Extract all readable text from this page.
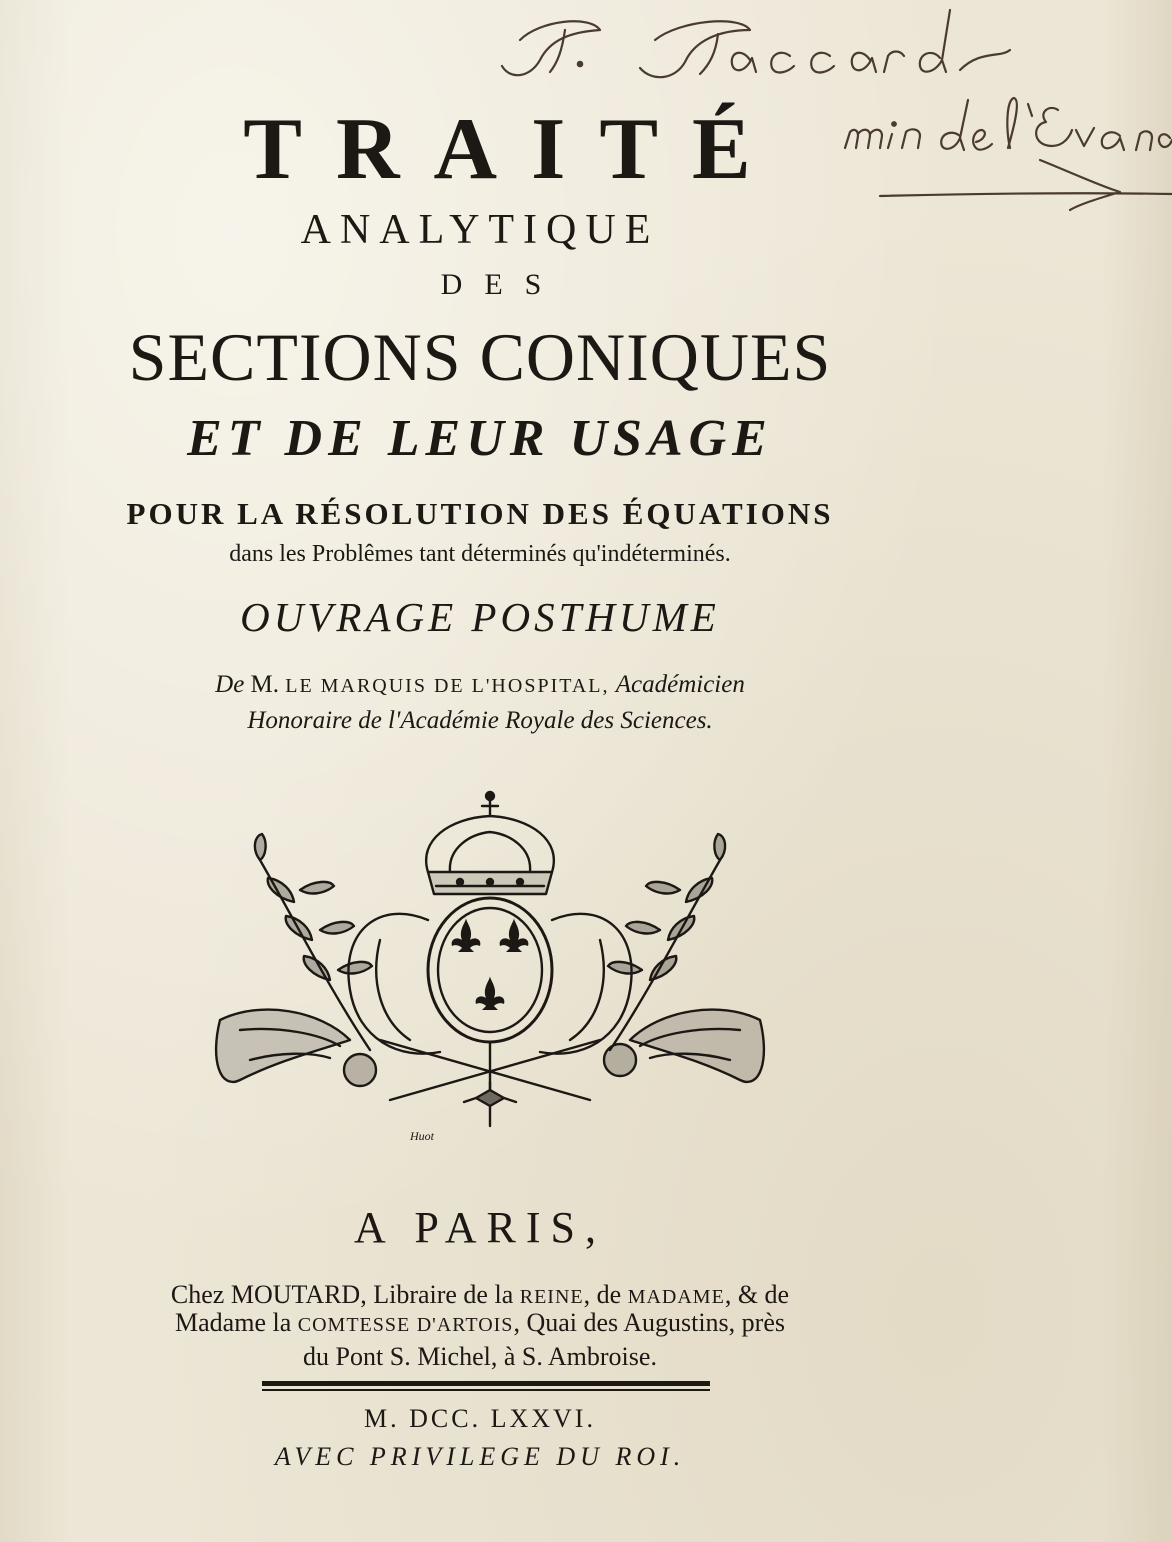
TRAITÉ
ANALYTIQUE
DES
SECTIONS CONIQUES
ET DE LEUR USAGE
POUR LA RÉSOLUTION DES ÉQUATIONS
dans les Problêmes tant déterminés qu'indéterminés.
OUVRAGE POSTHUME
De M. LE MARQUIS DE L'HOSPITAL, Académicien
Honoraire de l'Académie Royale des Sciences.
Huot
A PARIS,
Chez MOUTARD, Libraire de la REINE, de MADAME, & de
Madame la COMTESSE D'ARTOIS, Quai des Augustins, près
du Pont S. Michel, à S. Ambroise.
M. DCC. LXXVI.
AVEC PRIVILEGE DU ROI.
